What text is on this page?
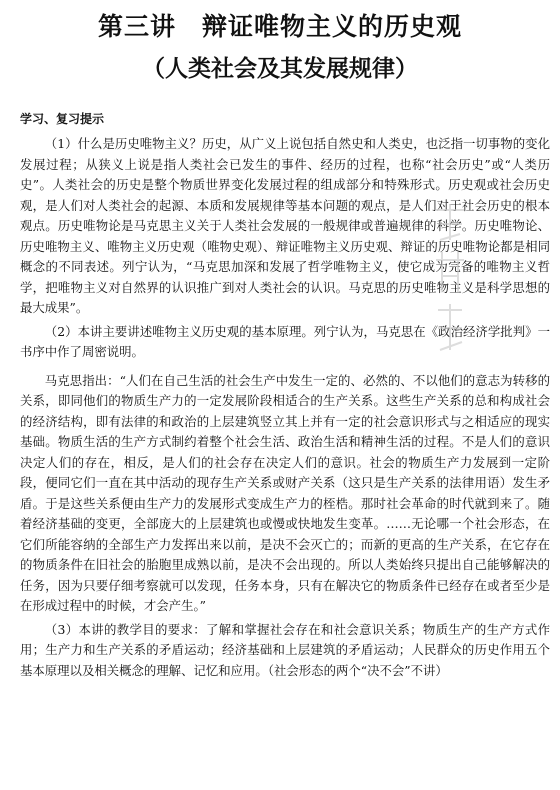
第三讲 辩证唯物主义的历史观
（人类社会及其发展规律）
学习、复习提示

（1）什么是历史唯物主义？历史，从广义上说包括自然史和人类史，也泛指一切事物的变化发展过程；从狭义上说是指人类社会已发生的事件、经历的过程，也称“社会历史”或“人类历史”。人类社会的历史是整个物质世界变化发展过程的组成部分和特殊形式。历史观或社会历史观，是人们对人类社会的起源、本质和发展规律等基本问题的观点，是人们对于社会历史的根本观点。历史唯物论是马克思主义关于人类社会发展的一般规律或普遍规律的科学。历史唯物论、历史唯物主义、唯物主义历史观（唯物史观）、辩证唯物主义历史观、辩证的历史唯物论都是相同概念的不同表述。列宁认为，“马克思加深和发展了哲学唯物主义，使它成为完备的唯物主义哲学，把唯物主义对自然界的认识推广到对人类社会的认识。马克思的历史唯物主义是科学思想的最大成果”。

（2）本讲主要讲述唯物主义历史观的基本原理。列宁认为，马克思在《政治经济学批判》一书序中作了周密说明。

马克思指出：“人们在自己生活的社会生产中发生一定的、必然的、不以他们的意志为转移的关系，即同他们的物质生产力的一定发展阶段相适合的生产关系。这些生产关系的总和构成社会的经济结构，即有法律的和政治的上层建筑竖立其上并有一定的社会意识形式与之相适应的现实基础。物质生活的生产方式制约着整个社会生活、政治生活和精神生活的过程。不是人们的意识决定人们的存在，相反，是人们的社会存在决定人们的意识。社会的物质生产力发展到一定阶段，便同它们一直在其中活动的现存生产关系或财产关系（这只是生产关系的法律用语）发生矛盾。于是这些关系便由生产力的发展形式变成生产力的桎梏。那时社会革命的时代就到来了。随着经济基础的变更，全部庞大的上层建筑也或慢或快地发生变革。……无论哪一个社会形态，在它们所能容纳的全部生产力发挥出来以前，是决不会灭亡的；而新的更高的生产关系，在它存在的物质条件在旧社会的胎胞里成熟以前，是决不会出现的。所以人类始终只提出自己能够解决的任务，因为只要仔细考察就可以发现，任务本身，只有在解决它的物质条件已经存在或者至少是在形成过程中的时候，才会产生。”

（3）本讲的教学目的要求：了解和掌握社会存在和社会意识关系；物质生产的生产方式作用；生产力和生产关系的矛盾运动；经济基础和上层建筑的矛盾运动；人民群众的历史作用五个基本原理以及相关概念的理解、记忆和应用。（社会形态的两个“决不会”不讲）
